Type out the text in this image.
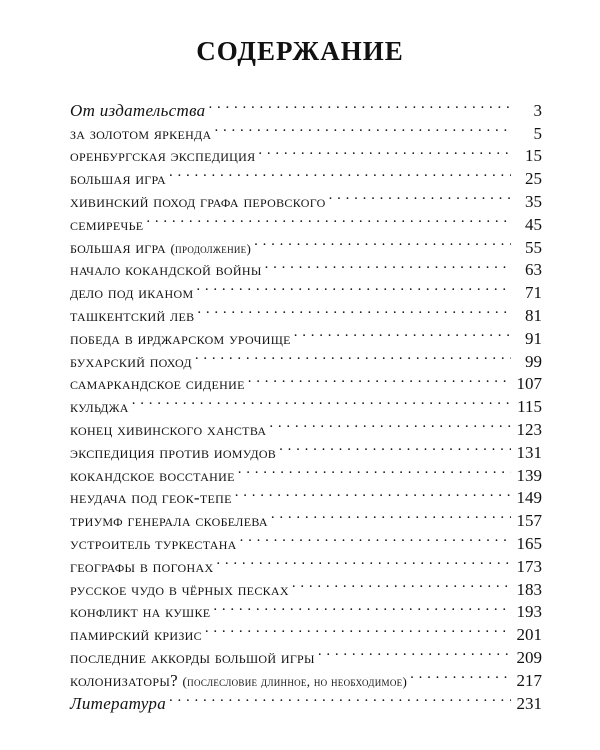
СОДЕРЖАНИЕ
От издательства . . .	3
за золотом яркенда . . .	5
оренбургская экспедиция . . .	15
большая игра . . .	25
хивинский поход графа перовского . . .	35
семиречье . . .	45
большая игра (продолжение) . . .	55
начало кокандской войны . . .	63
дело под иканом . . .	71
ташкентский лев . . .	81
победа в ирджарском урочище . . .	91
бухарский поход . . .	99
самаркандское сидение . . .	107
кульджа . . .	115
конец хивинского ханства . . .	123
экспедиция против иомудов . . .	131
кокандское восстание . . .	139
неудача под геок-тепе . . .	149
триумф генерала скобелева . . .	157
устроитель туркестана . . .	165
географы в погонах . . .	173
русское чудо в чёрных песках . . .	183
конфликт на кушке . . .	193
памирский кризис . . .	201
последние аккорды большой игры . . .	209
колонизаторы? (послесловие длинное, но необходимое) . . .	217
Литература . . .	231
